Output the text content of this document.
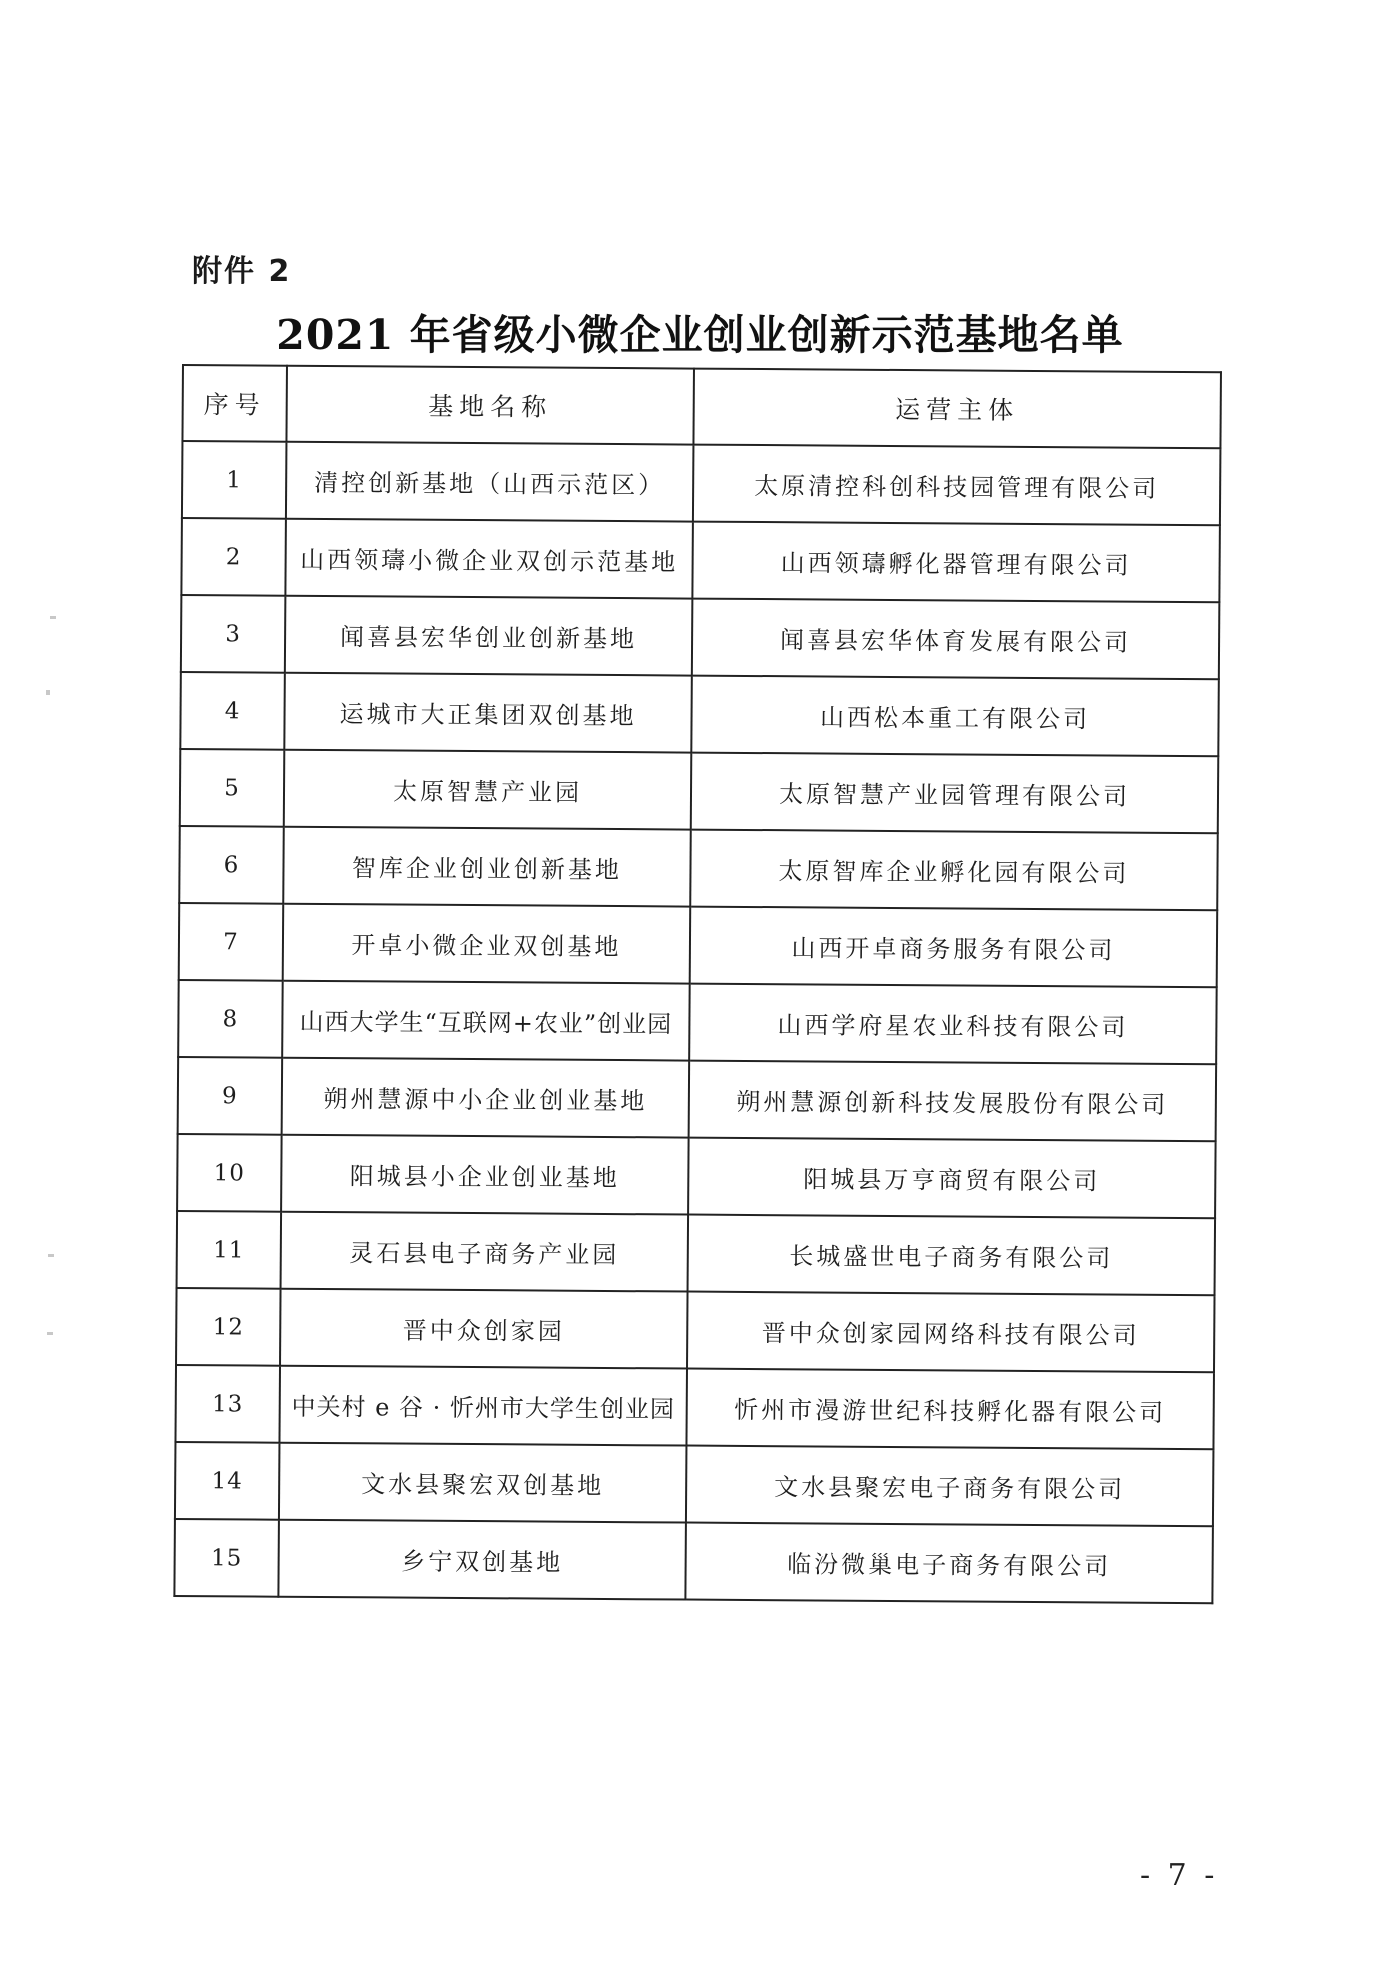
附件 2
2021 年省级小微企业创业创新示范基地名单
序号	基地名称	运营主体
1	清控创新基地（山西示范区）	太原清控科创科技园管理有限公司
2	山西领璹小微企业双创示范基地	山西领璹孵化器管理有限公司
3	闻喜县宏华创业创新基地	闻喜县宏华体育发展有限公司
4	运城市大正集团双创基地	山西松本重工有限公司
5	太原智慧产业园	太原智慧产业园管理有限公司
6	智库企业创业创新基地	太原智库企业孵化园有限公司
7	开卓小微企业双创基地	山西开卓商务服务有限公司
8	山西大学生“互联网+农业”创业园	山西学府星农业科技有限公司
9	朔州慧源中小企业创业基地	朔州慧源创新科技发展股份有限公司
10	阳城县小企业创业基地	阳城县万亨商贸有限公司
11	灵石县电子商务产业园	长城盛世电子商务有限公司
12	晋中众创家园	晋中众创家园网络科技有限公司
13	中关村 e 谷 · 忻州市大学生创业园	忻州市漫游世纪科技孵化器有限公司
14	文水县聚宏双创基地	文水县聚宏电子商务有限公司
15	乡宁双创基地	临汾微巢电子商务有限公司
- 7 -
